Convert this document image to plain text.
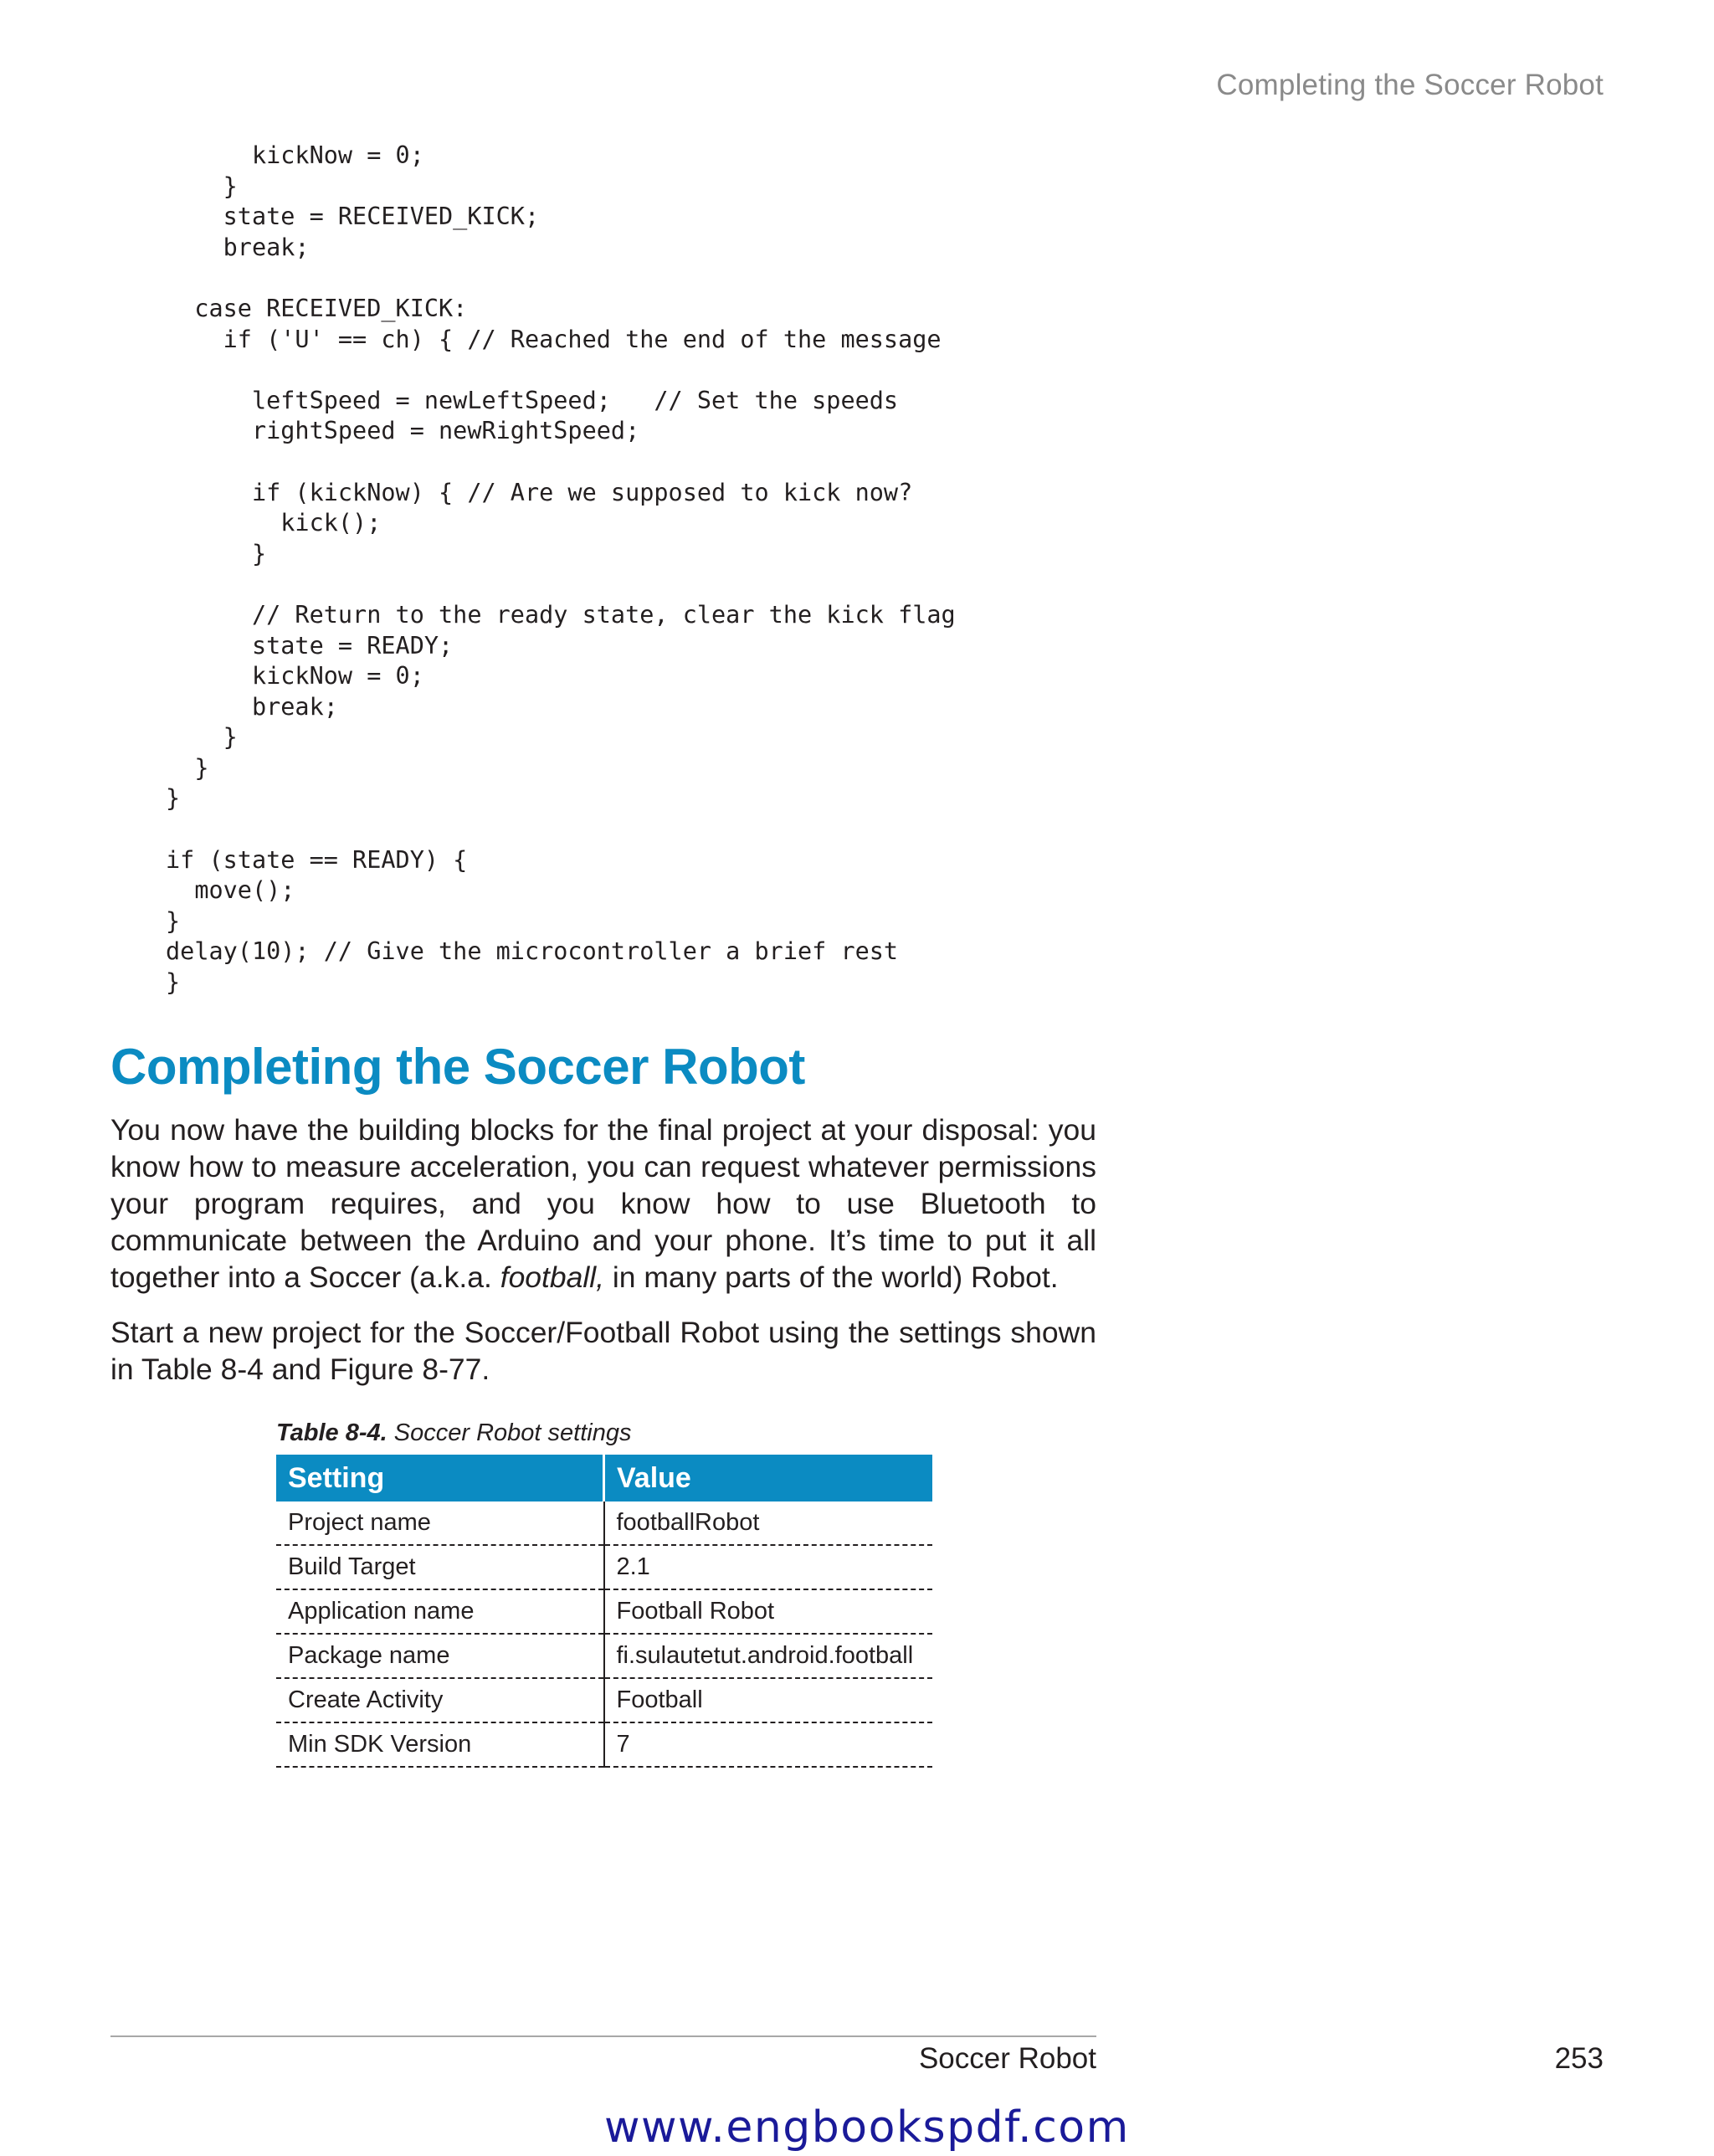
Completing the Soccer Robot
kickNow = 0;
}
state = RECEIVED_KICK;
break;

case RECEIVED_KICK:
if ('U' == ch) { // Reached the end of the message

leftSpeed = newLeftSpeed;   // Set the speeds
rightSpeed = newRightSpeed;

if (kickNow) { // Are we supposed to kick now?
kick();
}

// Return to the ready state, clear the kick flag
state = READY;
kickNow = 0;
break;
}
}
}

if (state == READY) {
move();
}
delay(10); // Give the microcontroller a brief rest
}
Completing the Soccer Robot

You now have the building blocks for the final project at your disposal: you know how to measure acceleration, you can request whatever permissions your program requires, and you know how to use Bluetooth to communicate between the Arduino and your phone. It’s time to put it all together into a Soccer (a.k.a. football, in many parts of the world) Robot.

Start a new project for the Soccer/Football Robot using the settings shown in Table 8-4 and Figure 8-77.

Table 8-4. Soccer Robot settings
Setting	Value
Project name	footballRobot
Build Target	2.1
Application name	Football Robot
Package name	fi.sulautetut.android.football
Create Activity	Football
Min SDK Version	7
Soccer Robot	253
www.engbookspdf.com
